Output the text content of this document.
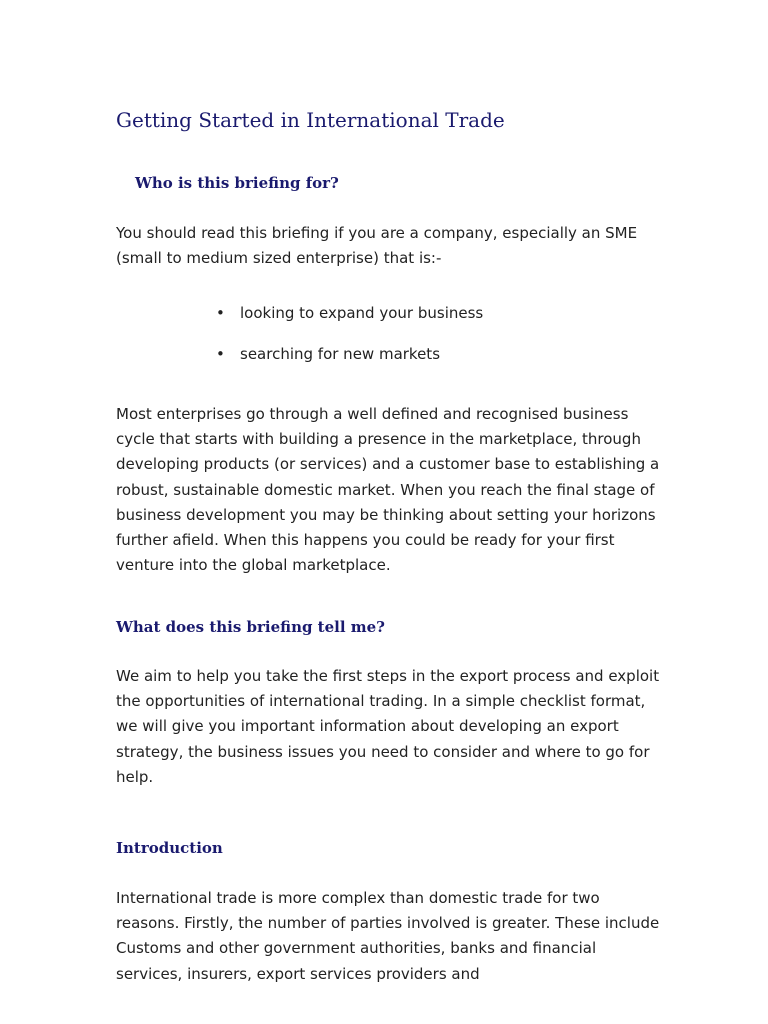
Getting Started in International Trade
Who is this briefing for?

You should read this briefing if you are a company, especially an SME (small to medium sized enterprise) that is:-

• looking to expand your business
• searching for new markets

Most enterprises go through a well defined and recognised business cycle that starts with building a presence in the marketplace, through developing products (or services) and a customer base to establishing a robust, sustainable domestic market. When you reach the final stage of business development you may be thinking about setting your horizons further afield. When this happens you could be ready for your first venture into the global marketplace.

What does this briefing tell me?

We aim to help you take the first steps in the export process and exploit the opportunities of international trading. In a simple checklist format, we will give you important information about developing an export strategy, the business issues you need to consider and where to go for help.

Introduction

International trade is more complex than domestic trade for two reasons. Firstly, the number of parties involved is greater. These include Customs and other government authorities, banks and financial services, insurers, export services providers and
